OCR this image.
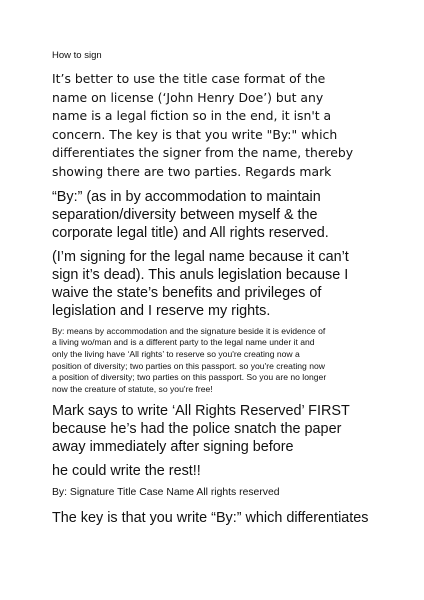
How to sign

It’s better to use the title case format of the
name on license (‘John Henry Doe’) but any
name is a legal fiction so in the end, it isn't a
concern. The key is that you write "By:" which
differentiates the signer from the name, thereby
showing there are two parties. Regards mark

“By:” (as in by accommodation to maintain
separation/diversity between myself & the
corporate legal title) and All rights reserved.

(I’m signing for the legal name because it can’t
sign it’s dead). This anuls legislation because I
waive the state’s benefits and privileges of
legislation and I reserve my rights.

By: means by accommodation and the signature beside it is evidence of
a living wo/man and is a different party to the legal name under it and
only the living have ‘All rights’ to reserve so you're creating now a
position of diversity; two parties on this passport. so you're creating now
a position of diversity; two parties on this passport. So you are no longer
now the creature of statute, so you're free!

Mark says to write ‘All Rights Reserved’ FIRST
because he’s had the police snatch the paper
away immediately after signing before

he could write the rest!!

By: Signature Title Case Name All rights reserved

The key is that you write “By:” which differentiates
